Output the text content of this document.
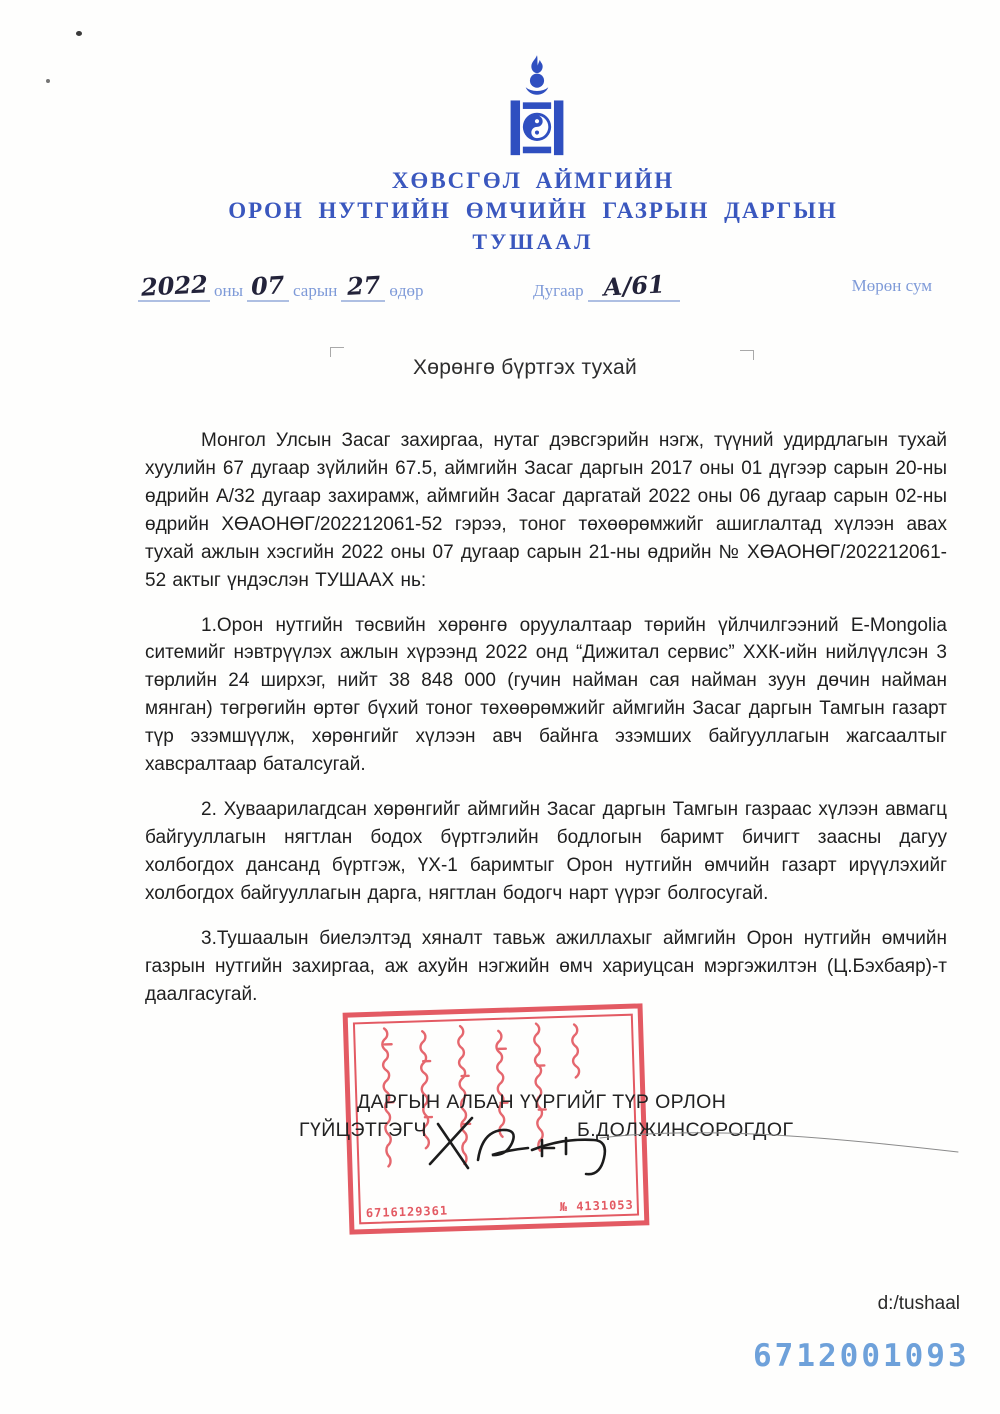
ХӨВСГӨЛ АЙМГИЙН
ОРОН НУТГИЙН ӨМЧИЙН ГАЗРЫН ДАРГЫН
ТУШААЛ
2022 оны 07 сарын 27 өдөр	Дугаар А/61	Мөрөн сум
Хөрөнгө бүртгэх тухай

Монгол Улсын Засаг захиргаа, нутаг дэвсгэрийн нэгж, түүний удирдлагын тухай хуулийн 67 дугаар зүйлийн 67.5, аймгийн Засаг даргын 2017 оны 01 дүгээр сарын 20-ны өдрийн А/32 дугаар захирамж, аймгийн Засаг даргатай 2022 оны 06 дугаар сарын 02-ны өдрийн ХӨАОНӨГ/202212061-52 гэрээ, тоног төхөөрөмжийг ашиглалтад хүлээн авах тухай ажлын хэсгийн 2022 оны 07 дугаар сарын 21-ны өдрийн № ХӨАОНӨГ/202212061-52 актыг үндэслэн ТУШААХ нь:

1.Орон нутгийн төсвийн хөрөнгө оруулалтаар төрийн үйлчилгээний E-Mongolia ситемийг нэвтрүүлэх ажлын хүрээнд 2022 онд “Дижитал сервис” ХХК-ийн нийлүүлсэн 3 төрлийн 24 ширхэг, нийт 38 848 000 (гучин найман сая найман зуун дөчин найман мянган) төгрөгийн өртөг бүхий тоног төхөөрөмжийг аймгийн Засаг даргын Тамгын газарт түр эзэмшүүлж, хөрөнгийг хүлээн авч байнга эзэмших байгууллагын жагсаалтыг хавсралтаар баталсугай.

2. Хуваарилагдсан хөрөнгийг аймгийн Засаг даргын Тамгын газраас хүлээн авмагц байгууллагын нягтлан бодох бүртгэлийн бодлогын баримт бичигт заасны дагуу холбогдох дансанд бүртгэж, ҮХ-1 баримтыг Орон нутгийн өмчийн газарт ирүүлэхийг холбогдох байгууллагын дарга, нягтлан бодогч нарт үүрэг болгосугай.

3.Тушаалын биелэлтэд хяналт тавьж ажиллахыг аймгийн Орон нутгийн өмчийн газрын нутгийн захиргаа, аж ахуйн нэгжийн өмч хариуцсан мэргэжилтэн (Ц.Бэхбаяр)-т даалгасугай.

6716129361	№ 4131053
ДАРГЫН АЛБАН ҮҮРГИЙГ ТҮР ОРЛОН
ГҮЙЦЭТГЭГЧ	Б.ДОЛЖИНСОРОГДОГ
d:/tushaal
6712001093
